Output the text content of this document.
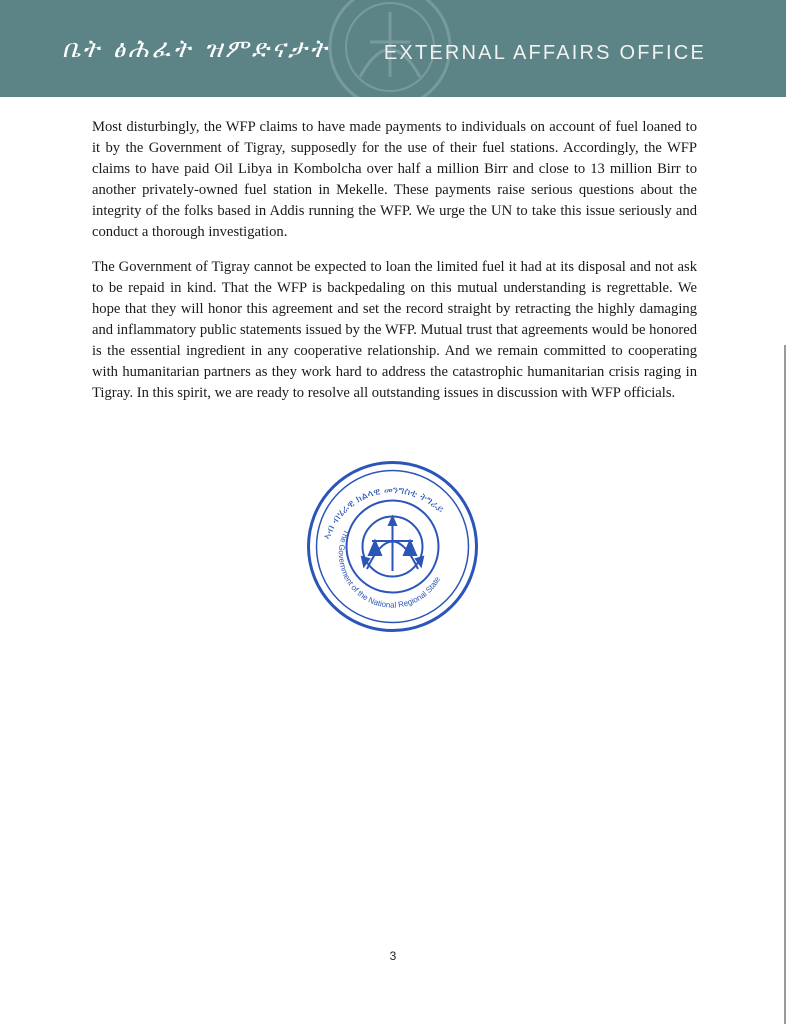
ቤት ፅሕፈት ዝምድናታት	EXTERNAL AFFAIRS OFFICE

Most disturbingly, the WFP claims to have made payments to individuals on account of fuel loaned to it by the Government of Tigray, supposedly for the use of their fuel stations. Accordingly, the WFP claims to have paid Oil Libya in Kombolcha over half a million Birr and close to 13 million Birr to another privately-owned fuel station in Mekelle. These payments raise serious questions about the integrity of the folks based in Addis running the WFP. We urge the UN to take this issue seriously and conduct a thorough investigation.

The Government of Tigray cannot be expected to loan the limited fuel it had at its disposal and not ask to be repaid in kind. That the WFP is backpedaling on this mutual understanding is regrettable. We hope that they will honor this agreement and set the record straight by retracting the highly damaging and inflammatory public statements issued by the WFP. Mutual trust that agreements would be honored is the essential ingredient in any cooperative relationship. And we remain committed to cooperating with humanitarian partners as they work hard to address the catastrophic humanitarian crisis raging in Tigray. In this spirit, we are ready to resolve all outstanding issues in discussion with WFP officials.

ኣብ ብሄራዊ ክልላዊ መንግስቲ ትግራይ
The Government of the National Regional State
3
